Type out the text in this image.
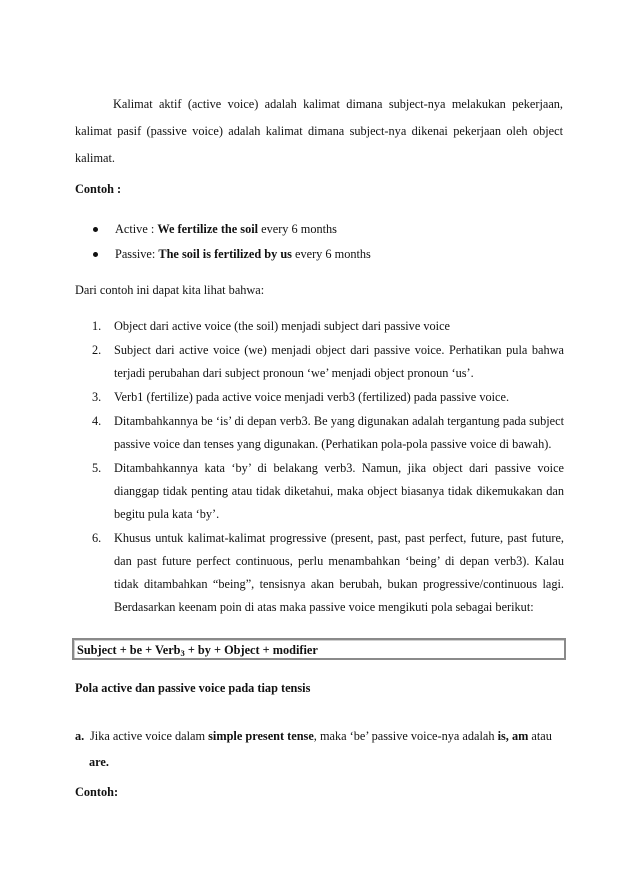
Kalimat aktif (active voice) adalah kalimat dimana subject-nya melakukan pekerjaan, kalimat pasif (passive voice) adalah kalimat dimana subject-nya dikenai pekerjaan oleh object kalimat.

Contoh :

Active : We fertilize the soil every 6 months
Passive: The soil is fertilized by us every 6 months

Dari contoh ini dapat kita lihat bahwa:

1. Object dari active voice (the soil) menjadi subject dari passive voice
2. Subject dari active voice (we) menjadi object dari passive voice. Perhatikan pula bahwa terjadi perubahan dari subject pronoun ‘we’ menjadi object pronoun ‘us’.
3. Verb1 (fertilize) pada active voice menjadi verb3 (fertilized) pada passive voice.
4. Ditambahkannya be ‘is’ di depan verb3. Be yang digunakan adalah tergantung pada subject passive voice dan tenses yang digunakan. (Perhatikan pola-pola passive voice di bawah).
5. Ditambahkannya kata ‘by’ di belakang verb3. Namun, jika object dari passive voice dianggap tidak penting atau tidak diketahui, maka object biasanya tidak dikemukakan dan begitu pula kata ‘by’.
6. Khusus untuk kalimat-kalimat progressive (present, past, past perfect, future, past future, dan past future perfect continuous, perlu menambahkan ‘being’ di depan verb3). Kalau tidak ditambahkan “being”, tensisnya akan berubah, bukan progressive/continuous lagi. Berdasarkan keenam poin di atas maka passive voice mengikuti pola sebagai berikut:
Subject + be + Verb$_3$ + by + Object + modifier

Pola active dan passive voice pada tiap tensis

a. Jika active voice dalam simple present tense, maka ‘be’ passive voice-nya adalah is, am atau
are.

Contoh:
